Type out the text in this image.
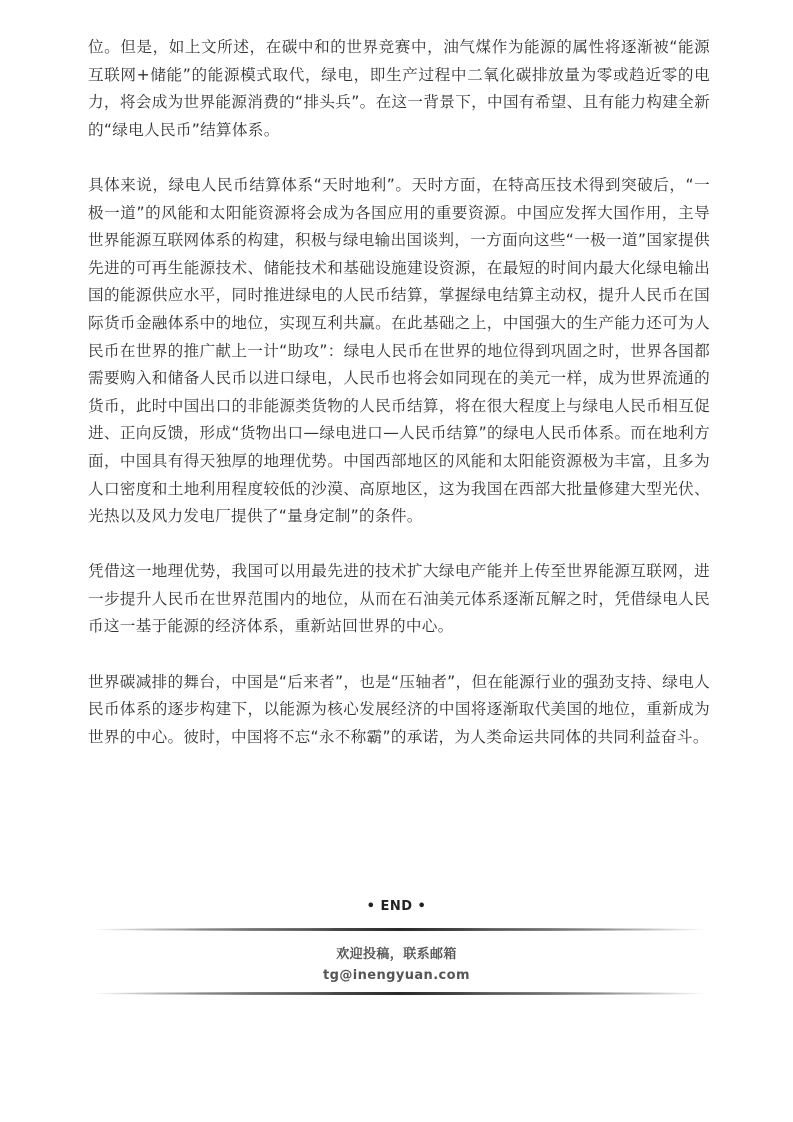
位。但是，如上文所述，在碳中和的世界竞赛中，油气煤作为能源的属性将逐渐被“能源互联网+储能”的能源模式取代，绿电，即生产过程中二氧化碳排放量为零或趋近零的电力，将会成为世界能源消费的“排头兵”。在这一背景下，中国有希望、且有能力构建全新的“绿电人民币”结算体系。

具体来说，绿电人民币结算体系“天时地利”。天时方面，在特高压技术得到突破后，“一极一道”的风能和太阳能资源将会成为各国应用的重要资源。中国应发挥大国作用，主导世界能源互联网体系的构建，积极与绿电输出国谈判，一方面向这些“一极一道”国家提供先进的可再生能源技术、储能技术和基础设施建设资源，在最短的时间内最大化绿电输出国的能源供应水平，同时推进绿电的人民币结算，掌握绿电结算主动权，提升人民币在国际货币金融体系中的地位，实现互利共赢。在此基础之上，中国强大的生产能力还可为人民币在世界的推广献上一计“助攻”：绿电人民币在世界的地位得到巩固之时，世界各国都需要购入和储备人民币以进口绿电，人民币也将会如同现在的美元一样，成为世界流通的货币，此时中国出口的非能源类货物的人民币结算，将在很大程度上与绿电人民币相互促进、正向反馈，形成“货物出口—绿电进口—人民币结算”的绿电人民币体系。而在地利方面，中国具有得天独厚的地理优势。中国西部地区的风能和太阳能资源极为丰富，且多为人口密度和土地利用程度较低的沙漠、高原地区，这为我国在西部大批量修建大型光伏、光热以及风力发电厂提供了“量身定制”的条件。

凭借这一地理优势，我国可以用最先进的技术扩大绿电产能并上传至世界能源互联网，进一步提升人民币在世界范围内的地位，从而在石油美元体系逐渐瓦解之时，凭借绿电人民币这一基于能源的经济体系，重新站回世界的中心。

世界碳减排的舞台，中国是“后来者”，也是“压轴者”，但在能源行业的强劲支持、绿电人民币体系的逐步构建下，以能源为核心发展经济的中国将逐渐取代美国的地位，重新成为世界的中心。彼时，中国将不忘“永不称霸”的承诺，为人类命运共同体的共同利益奋斗。

• END •
欢迎投稿，联系邮箱
tg@inengyuan.com
